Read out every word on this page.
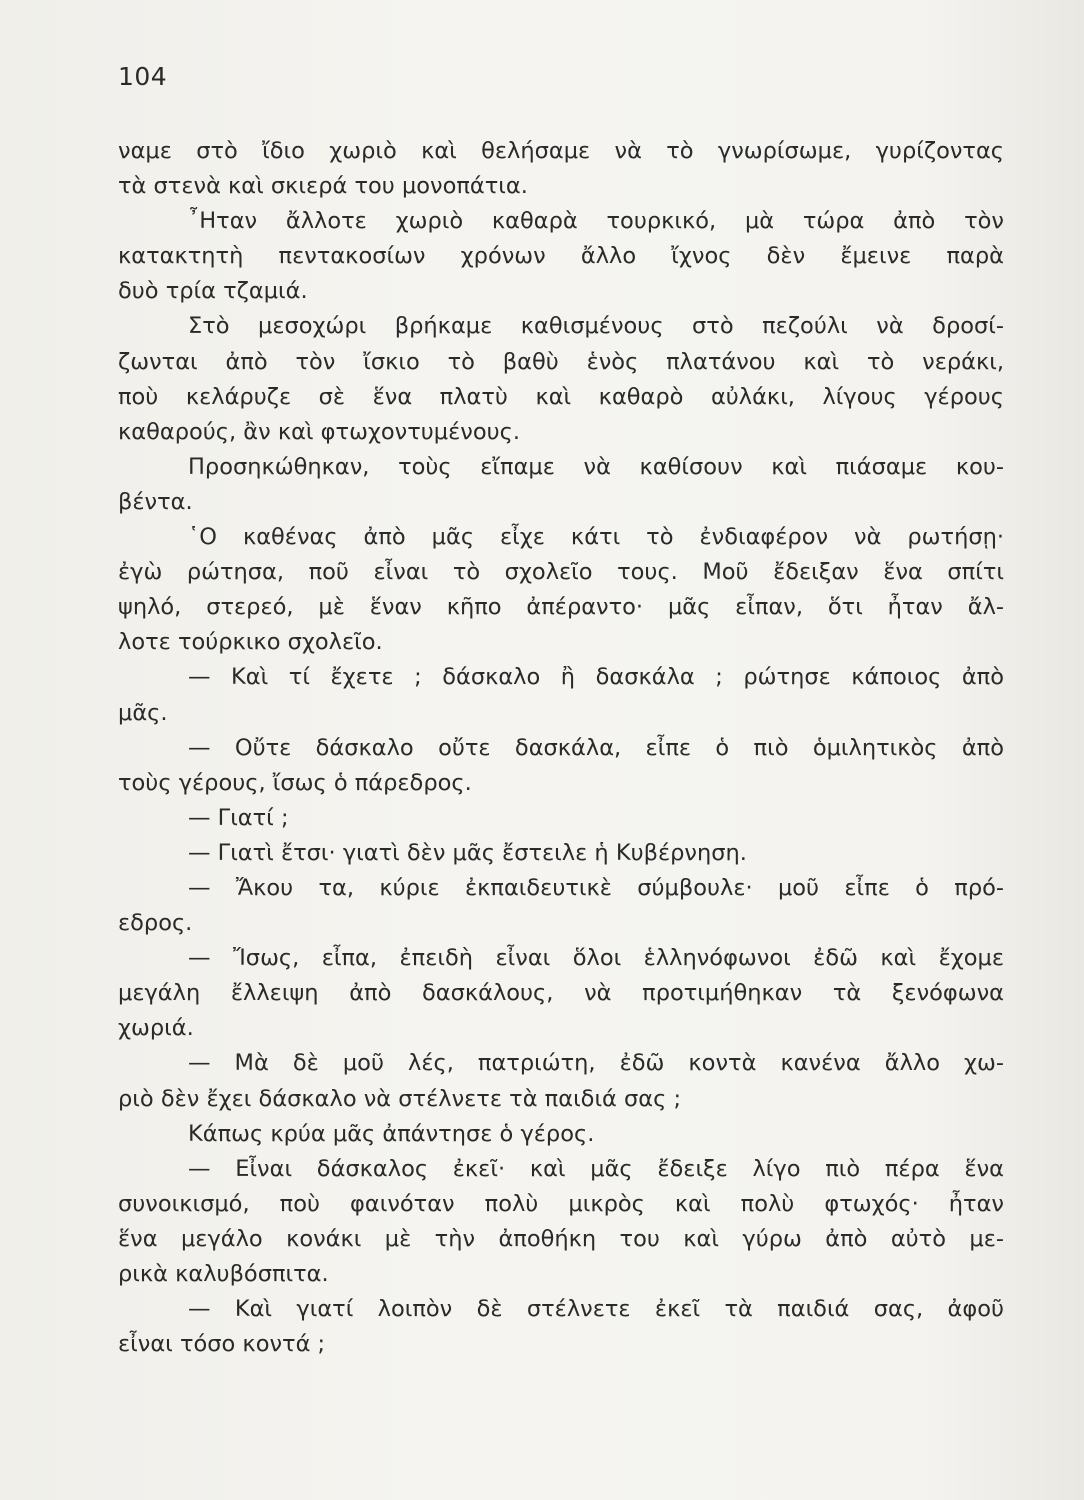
104
ναμε στὸ ἴδιο χωριὸ καὶ θελήσαμε νὰ τὸ γνωρίσωμε, γυρίζοντας
τὰ στενὰ καὶ σκιερά του μονοπάτια.
῏Ηταν ἄλλοτε χωριὸ καθαρὰ τουρκικό, μὰ τώρα ἀπὸ τὸν
κατακτητὴ πεντακοσίων χρόνων ἄλλο ἴχνος δὲν ἔμεινε παρὰ
δυὸ τρία τζαμιά.
Στὸ μεσοχώρι βρήκαμε καθισμένους στὸ πεζούλι νὰ δροσί-
ζωνται ἀπὸ τὸν ἴσκιο τὸ βαθὺ ἑνὸς πλατάνου καὶ τὸ νεράκι,
ποὺ κελάρυζε σὲ ἕνα πλατὺ καὶ καθαρὸ αὐλάκι, λίγους γέρους
καθαρούς, ἂν καὶ φτωχοντυμένους.
Προσηκώθηκαν, τοὺς εἴπαμε νὰ καθίσουν καὶ πιάσαμε κου-
βέντα.
῾Ο καθένας ἀπὸ μᾶς εἶχε κάτι τὸ ἐνδιαφέρον νὰ ρωτήσῃ·
ἐγὼ ρώτησα, ποῦ εἶναι τὸ σχολεῖο τους. Μοῦ ἔδειξαν ἕνα σπίτι
ψηλό, στερεό, μὲ ἕναν κῆπο ἀπέραντο· μᾶς εἶπαν, ὅτι ἦταν ἄλ-
λοτε τούρκικο σχολεῖο.
— Καὶ τί ἔχετε ; δάσκαλο ἢ δασκάλα ; ρώτησε κάποιος ἀπὸ
μᾶς.
— Οὔτε δάσκαλο οὔτε δασκάλα, εἶπε ὁ πιὸ ὁμιλητικὸς ἀπὸ
τοὺς γέρους, ἴσως ὁ πάρεδρος.
— Γιατί ;
— Γιατὶ ἔτσι· γιατὶ δὲν μᾶς ἔστειλε ἡ Κυβέρνηση.
— Ἄκου τα, κύριε ἐκπαιδευτικὲ σύμβουλε· μοῦ εἶπε ὁ πρό-
εδρος.
— Ἴσως, εἶπα, ἐπειδὴ εἶναι ὅλοι ἑλληνόφωνοι ἐδῶ καὶ ἔχομε
μεγάλη ἔλλειψη ἀπὸ δασκάλους, νὰ προτιμήθηκαν τὰ ξενόφωνα
χωριά.
— Μὰ δὲ μοῦ λές, πατριώτη, ἐδῶ κοντὰ κανένα ἄλλο χω-
ριὸ δὲν ἔχει δάσκαλο νὰ στέλνετε τὰ παιδιά σας ;
Κάπως κρύα μᾶς ἀπάντησε ὁ γέρος.
— Εἶναι δάσκαλος ἐκεῖ· καὶ μᾶς ἔδειξε λίγο πιὸ πέρα ἕνα
συνοικισμό, ποὺ φαινόταν πολὺ μικρὸς καὶ πολὺ φτωχός· ἦταν
ἕνα μεγάλο κονάκι μὲ τὴν ἀποθήκη του καὶ γύρω ἀπὸ αὐτὸ με-
ρικὰ καλυβόσπιτα.
— Καὶ γιατί λοιπὸν δὲ στέλνετε ἐκεῖ τὰ παιδιά σας, ἀφοῦ
εἶναι τόσο κοντά ;
